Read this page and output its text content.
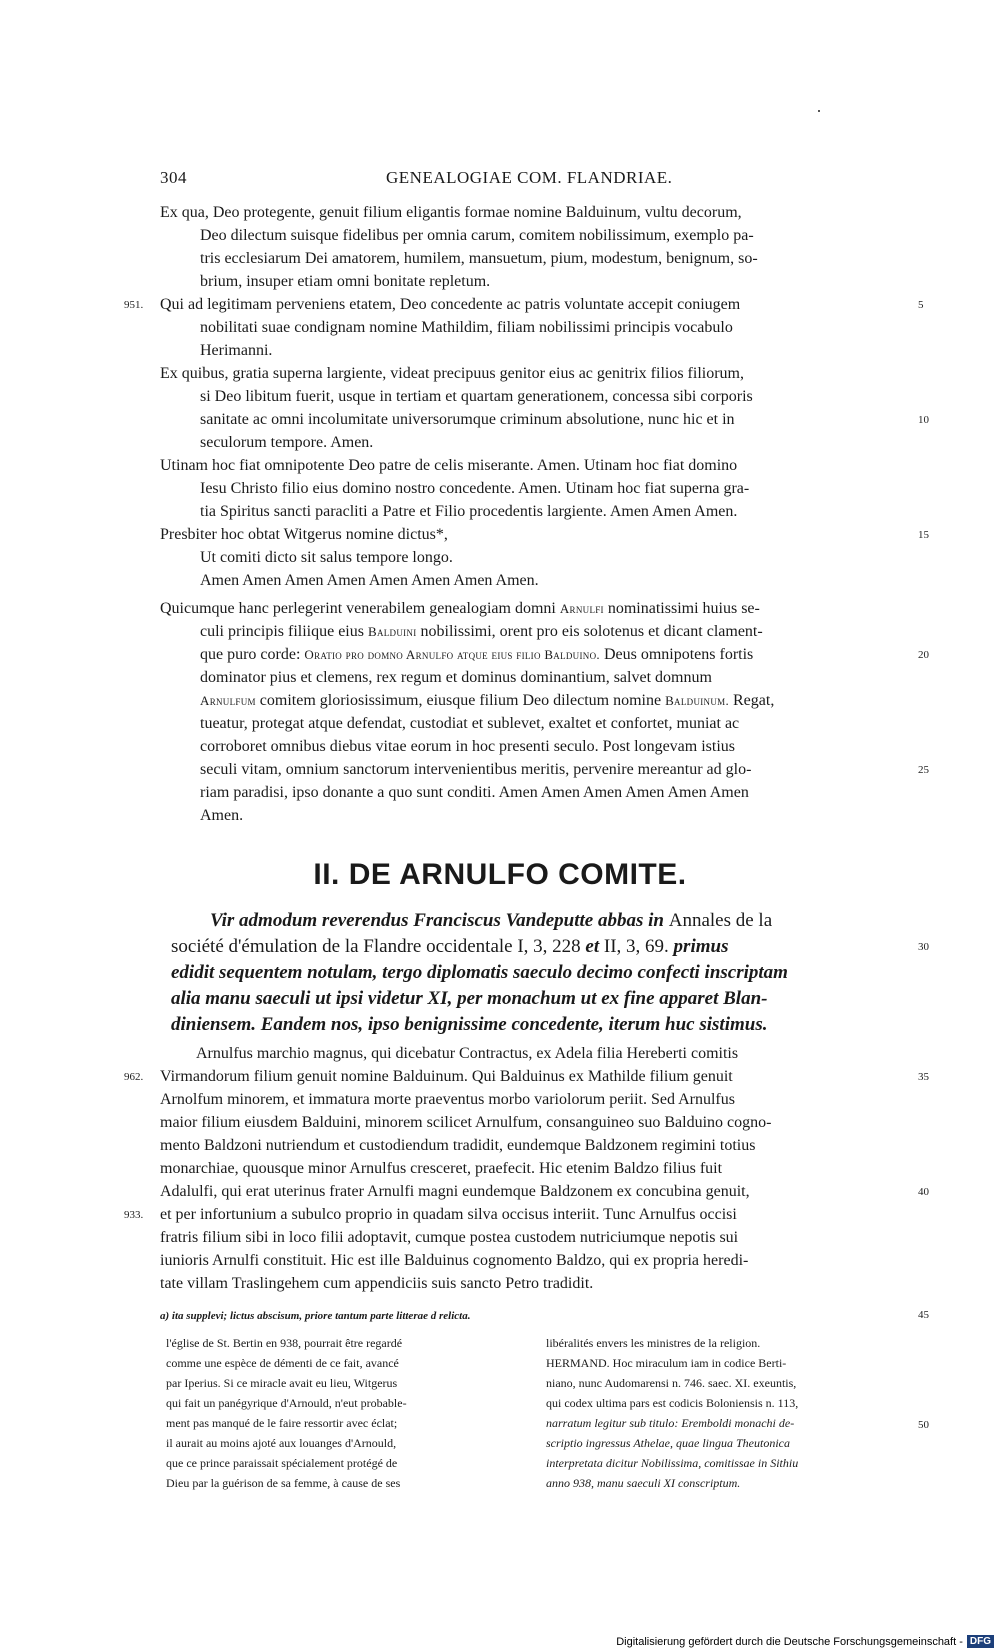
304	GENEALOGIAE COM. FLANDRIAE.
Ex qua, Deo protegente, genuit filium eligantis formae nomine Balduinum, vultu decorum,
Deo dilectum suisque fidelibus per omnia carum, comitem nobilissimum, exemplo pa-
tris ecclesiarum Dei amatorem, humilem, mansuetum, pium, modestum, benignum, so-
brium, insuper etiam omni bonitate repletum.
Qui ad legitimam perveniens etatem, Deo concedente ac patris voluntate accepit coniugem
951.	5
nobilitati suae condignam nomine Mathildim, filiam nobilissimi principis vocabulo
Herimanni.
Ex quibus, gratia superna largiente, videat precipuus genitor eius ac genitrix filios filiorum,
si Deo libitum fuerit, usque in tertiam et quartam generationem, concessa sibi corporis
sanitate ac omni incolumitate universorumque criminum absolutione, nunc hic et in	10
seculorum tempore. Amen.
Utinam hoc fiat omnipotente Deo patre de celis miserante. Amen. Utinam hoc fiat domino
Iesu Christo filio eius domino nostro concedente. Amen. Utinam hoc fiat superna gra-
tia Spiritus sancti paracliti a Patre et Filio procedentis largiente. Amen Amen Amen.
Presbiter hoc obtat Witgerus nomine dictus*,	15
Ut comiti dicto sit salus tempore longo.
Amen Amen Amen Amen Amen Amen Amen Amen.
Quicumque hanc perlegerint venerabilem genealogiam domni Arnulfi nominatissimi huius se-
culi principis filiique eius Balduini nobilissimi, orent pro eis solotenus et dicant clament-
que puro corde: Oratio pro domno Arnulfo atque eius filio Balduino. Deus omnipotens fortis	20
dominator pius et clemens, rex regum et dominus dominantium, salvet domnum
Arnulfum comitem gloriosissimum, eiusque filium Deo dilectum nomine Balduinum. Regat,
tueatur, protegat atque defendat, custodiat et sublevet, exaltet et confortet, muniat ac
corroboret omnibus diebus vitae eorum in hoc presenti seculo. Post longevam istius
seculi vitam, omnium sanctorum intervenientibus meritis, pervenire mereantur ad glo-	25
riam paradisi, ipso donante a quo sunt conditi. Amen Amen Amen Amen Amen Amen
Amen.
II. DE ARNULFO COMITE.
Vir admodum reverendus Franciscus Vandeputte abbas in Annales de la
société d'émulation de la Flandre occidentale I, 3, 228 et II, 3, 69. primus	30
edidit sequentem notulam, tergo diplomatis saeculo decimo confecti inscriptam
alia manu saeculi ut ipsi videtur XI, per monachum ut ex fine apparet Blan-
diniensem. Eandem nos, ipso benignissime concedente, iterum huc sistimus.
Arnulfus marchio magnus, qui dicebatur Contractus, ex Adela filia Hereberti comitis
Virmandorum filium genuit nomine Balduinum. Qui Balduinus ex Mathilde filium genuit
962.	35
Arnolfum minorem, et immatura morte praeventus morbo variolorum periit. Sed Arnulfus
maior filium eiusdem Balduini, minorem scilicet Arnulfum, consanguineo suo Balduino cogno-
mento Baldzoni nutriendum et custodiendum tradidit, eundemque Baldzonem regimini totius
monarchiae, quousque minor Arnulfus cresceret, praefecit. Hic etenim Baldzo filius fuit
Adalulfi, qui erat uterinus frater Arnulfi magni eundemque Baldzonem ex concubina genuit,	40
et per infortunium a subulco proprio in quadam silva occisus interiit. Tunc Arnulfus occisi
933.
fratris filium sibi in loco filii adoptavit, cumque postea custodem nutriciumque nepotis sui
iunioris Arnulfi constituit. Hic est ille Balduinus cognomento Baldzo, qui ex propria heredi-
tate villam Traslingehem cum appendiciis suis sancto Petro tradidit.
a) ita supplevi; lictus abscisum, priore tantum parte litterae d relicta.	45
l'église de St. Bertin en 938, pourrait être regardé
comme une espèce de démenti de ce fait, avancé
par Iperius. Si ce miracle avait eu lieu, Witgerus
qui fait un panégyrique d'Arnould, n'eut probable-
ment pas manqué de le faire ressortir avec éclat;
il aurait au moins ajoté aux louanges d'Arnould,
que ce prince paraissait spécialement protégé de
Dieu par la guérison de sa femme, à cause de ses
libéralités envers les ministres de la religion.
HERMAND. Hoc miraculum iam in codice Berti-
niano, nunc Audomarensi n. 746. saec. XI. exeuntis,
qui codex ultima pars est codicis Boloniensis n. 113,
narratum legitur sub titulo: Eremboldi monachi de-
scriptio ingressus Athelae, quae lingua Theutonica
interpretata dicitur Nobilissima, comitissae in Sithiu
anno 938, manu saeculi XI conscriptum.
50
Digitalisierung gefördert durch die Deutsche Forschungsgemeinschaft - DFG
